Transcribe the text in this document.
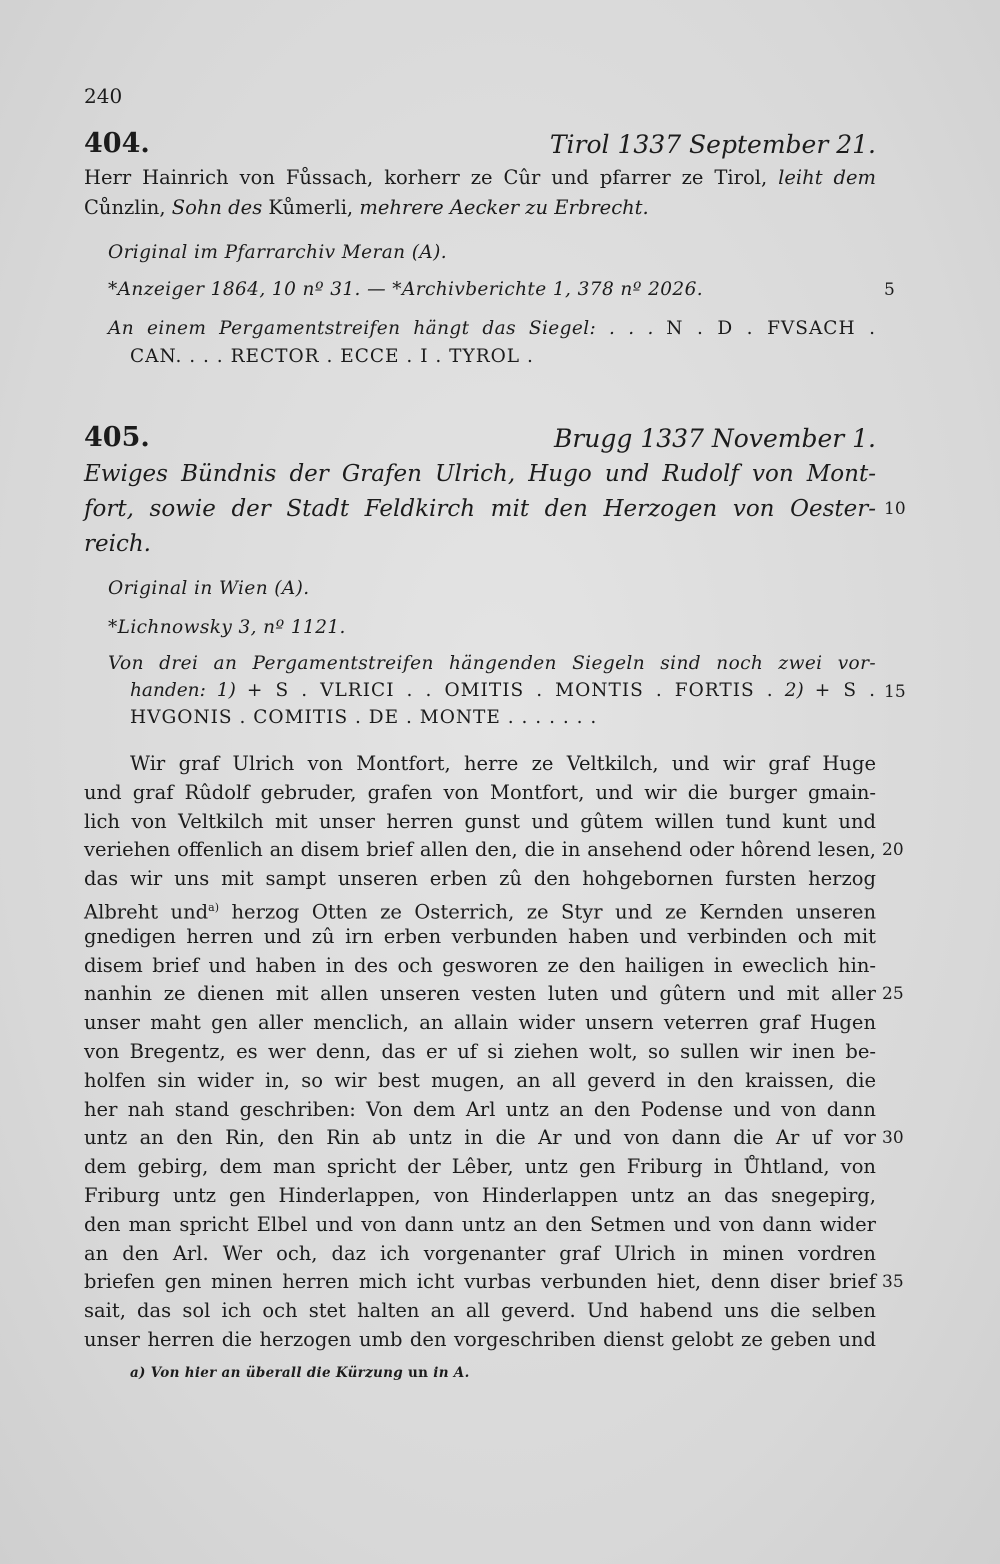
240
404.	Tirol 1337 September 21.
Herr Hainrich von Fůssach, korherr ze Cûr und pfarrer ze Tirol, leiht dem
Cůnzlin, Sohn des Kůmerli, mehrere Aecker zu Erbrecht.
Original im Pfarrarchiv Meran (A).
*Anzeiger 1864, 10 nº 31. — *Archivberichte 1, 378 nº 2026.	5
An einem Pergamentstreifen hängt das Siegel: . . . N . D . FVSACH .
CAN. . . . RECTOR . ECCE . I . TYROL .
405.	Brugg 1337 November 1.
Ewiges Bündnis der Grafen Ulrich, Hugo und Rudolf von Mont-
fort, sowie der Stadt Feldkirch mit den Herzogen von Oester- 10
reich.
Original in Wien (A).
*Lichnowsky 3, nº 1121.
Von drei an Pergamentstreifen hängenden Siegeln sind noch zwei vor-
handen: 1) + S . VLRICI . . OMITIS . MONTIS . FORTIS . 2) + S . 15
HVGONIS . COMITIS . DE . MONTE . . . . . . .
Wir graf Ulrich von Montfort, herre ze Veltkilch, und wir graf Huge
und graf Rûdolf gebruder, grafen von Montfort, und wir die burger gmain-
lich von Veltkilch mit unser herren gunst und gûtem willen tund kunt und
veriehen offenlich an disem brief allen den, die in ansehend oder hôrend lesen, 20
das wir uns mit sampt unseren erben zû den hohgebornen fursten herzog
Albreht und$^{a)}$ herzog Otten ze Osterrich, ze Styr und ze Kernden unseren
gnedigen herren und zû irn erben verbunden haben und verbinden och mit
disem brief und haben in des och gesworen ze den hailigen in eweclich hin-
nanhin ze dienen mit allen unseren vesten luten und gûtern und mit aller 25
unser maht gen aller menclich, an allain wider unsern veterren graf Hugen
von Bregentz, es wer denn, das er uf si ziehen wolt, so sullen wir inen be-
holfen sin wider in, so wir best mugen, an all geverd in den kraissen, die
her nah stand geschriben: Von dem Arl untz an den Podense und von dann
untz an den Rin, den Rin ab untz in die Ar und von dann die Ar uf vor 30
dem gebirg, dem man spricht der Lêber, untz gen Friburg in Ůhtland, von
Friburg untz gen Hinderlappen, von Hinderlappen untz an das snegepirg,
den man spricht Elbel und von dann untz an den Setmen und von dann wider
an den Arl. Wer och, daz ich vorgenanter graf Ulrich in minen vordren
briefen gen minen herren mich icht vurbas verbunden hiet, denn diser brief 35
sait, das sol ich och stet halten an all geverd. Und habend uns die selben
unser herren die herzogen umb den vorgeschriben dienst gelobt ze geben und
a) Von hier an überall die Kürzung un in A.
